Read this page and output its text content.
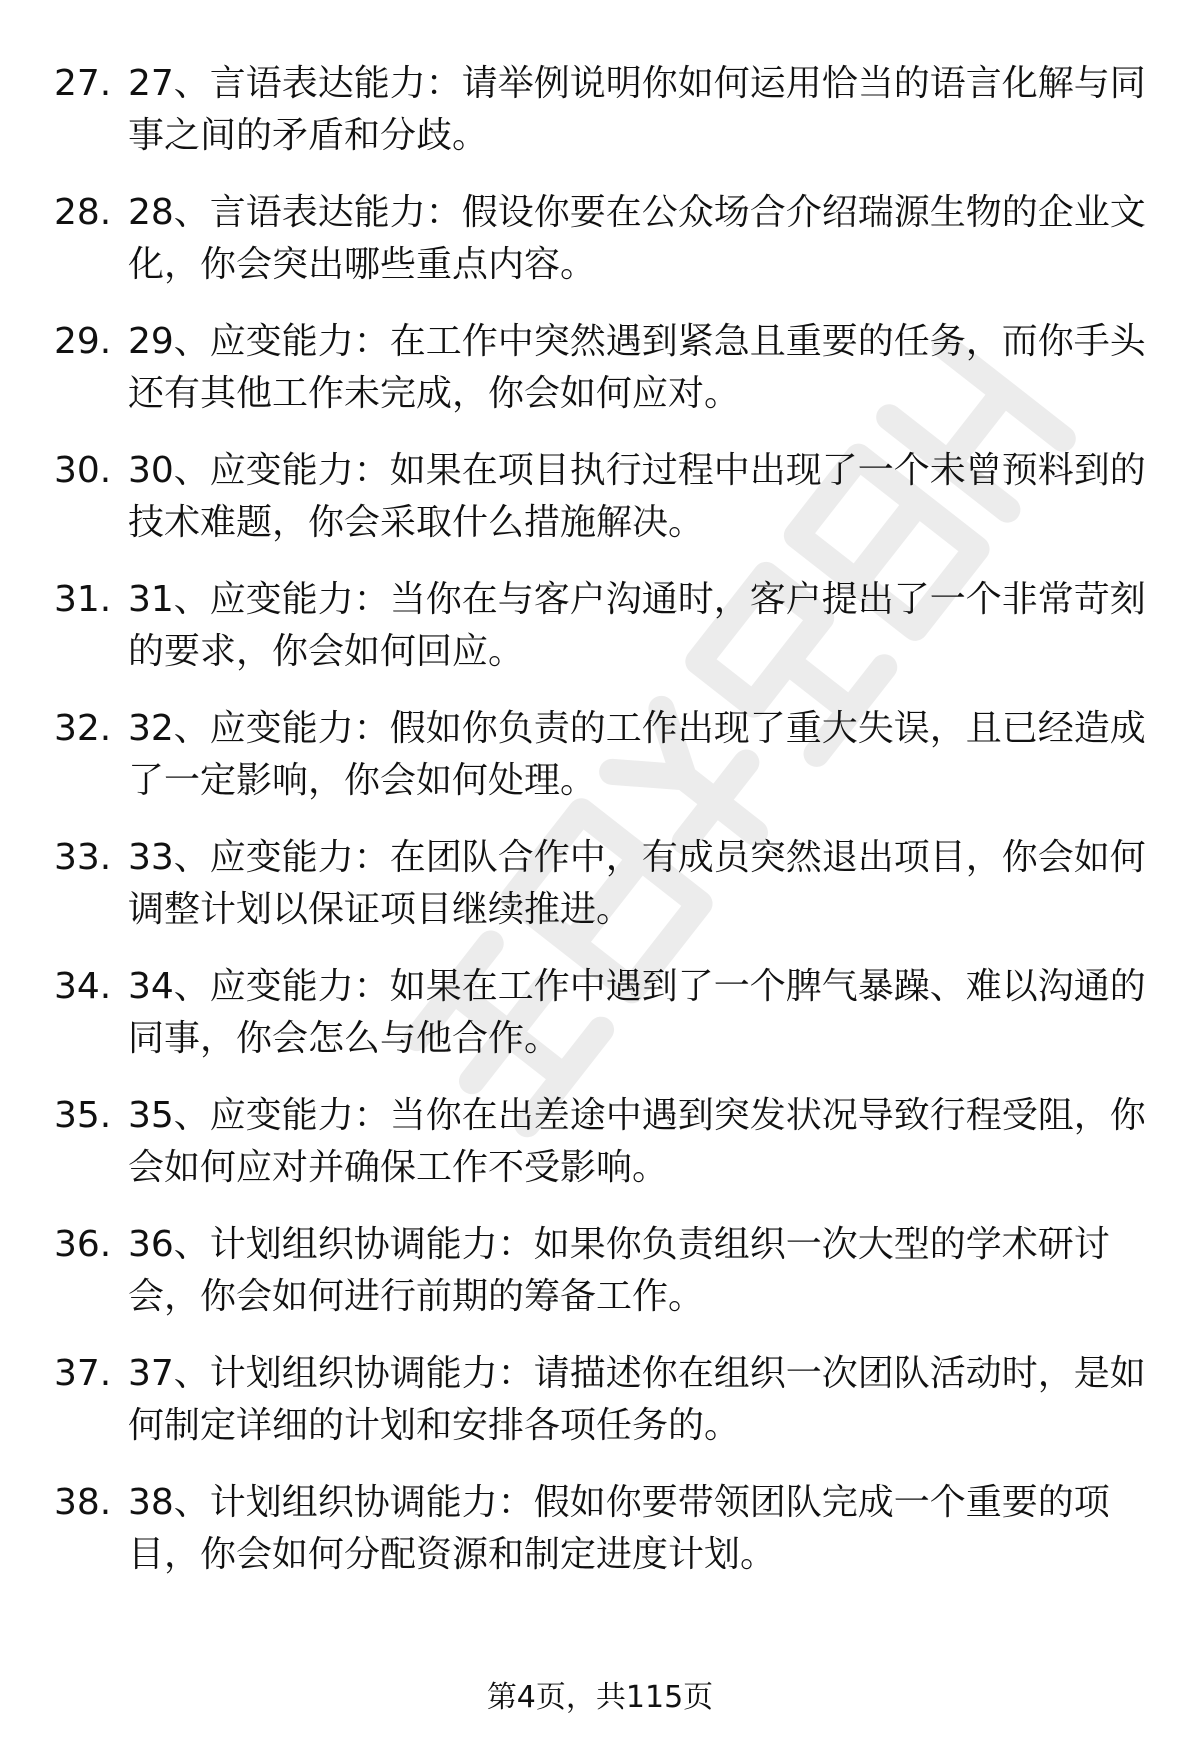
27. 27、言语表达能力：请举例说明你如何运用恰当的语言化解与同事之间的矛盾和分歧。
28. 28、言语表达能力：假设你要在公众场合介绍瑞源生物的企业文化，你会突出哪些重点内容。
29. 29、应变能力：在工作中突然遇到紧急且重要的任务，而你手头还有其他工作未完成，你会如何应对。
30. 30、应变能力：如果在项目执行过程中出现了一个未曾预料到的技术难题，你会采取什么措施解决。
31. 31、应变能力：当你在与客户沟通时，客户提出了一个非常苛刻的要求，你会如何回应。
32. 32、应变能力：假如你负责的工作出现了重大失误，且已经造成了一定影响，你会如何处理。
33. 33、应变能力：在团队合作中，有成员突然退出项目，你会如何调整计划以保证项目继续推进。
34. 34、应变能力：如果在工作中遇到了一个脾气暴躁、难以沟通的同事，你会怎么与他合作。
35. 35、应变能力：当你在出差途中遇到突发状况导致行程受阻，你会如何应对并确保工作不受影响。
36. 36、计划组织协调能力：如果你负责组织一次大型的学术研讨会，你会如何进行前期的筹备工作。
37. 37、计划组织协调能力：请描述你在组织一次团队活动时，是如何制定详细的计划和安排各项任务的。
38. 38、计划组织协调能力：假如你要带领团队完成一个重要的项目，你会如何分配资源和制定进度计划。
第4页，共115页
